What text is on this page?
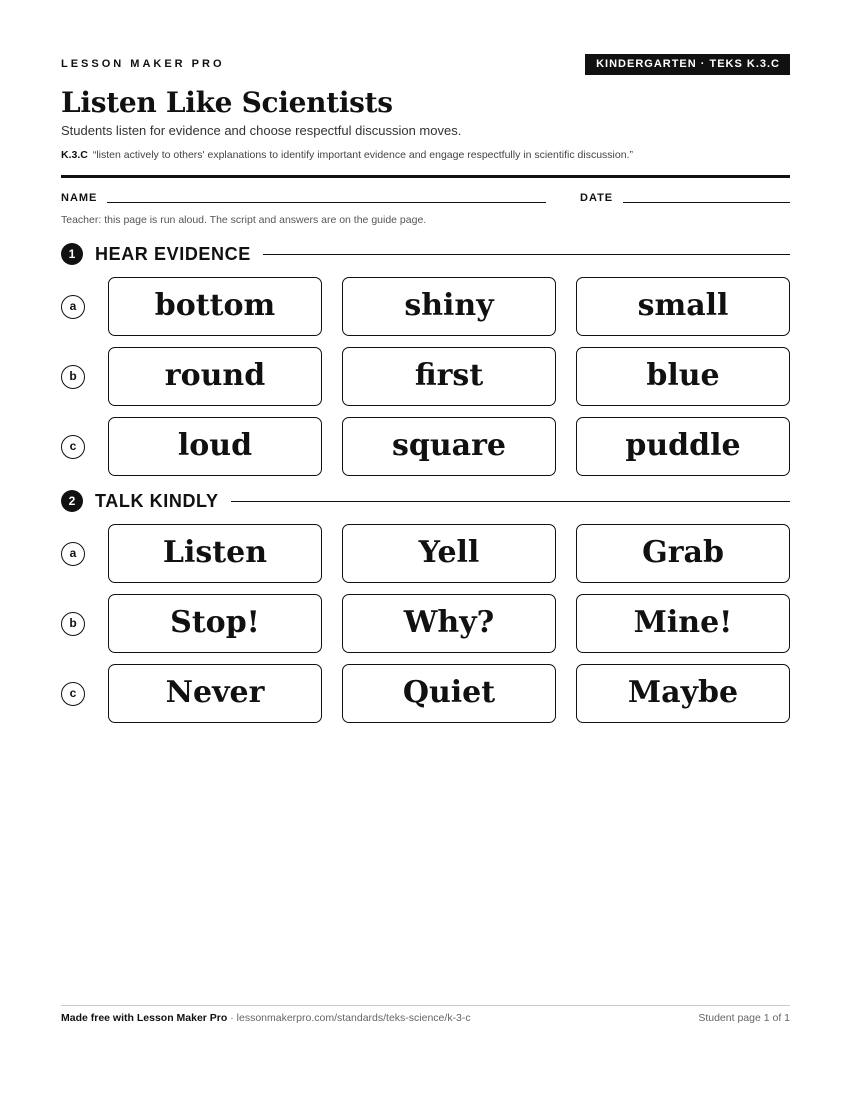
LESSON MAKER PRO	KINDERGARTEN · TEKS K.3.C
Listen Like Scientists
Students listen for evidence and choose respectful discussion moves.
K.3.C “listen actively to others' explanations to identify important evidence and engage respectfully in scientific discussion.”
NAME	DATE
Teacher: this page is run aloud. The script and answers are on the guide page.
1	HEAR EVIDENCE
a	bottom	shiny	small
b	round	first	blue
c	loud	square	puddle
2	TALK KINDLY
a	Listen	Yell	Grab
b	Stop!	Why?	Mine!
c	Never	Quiet	Maybe
Made free with Lesson Maker Pro · lessonmakerpro.com/standards/teks-science/k-3-c	Student page 1 of 1
